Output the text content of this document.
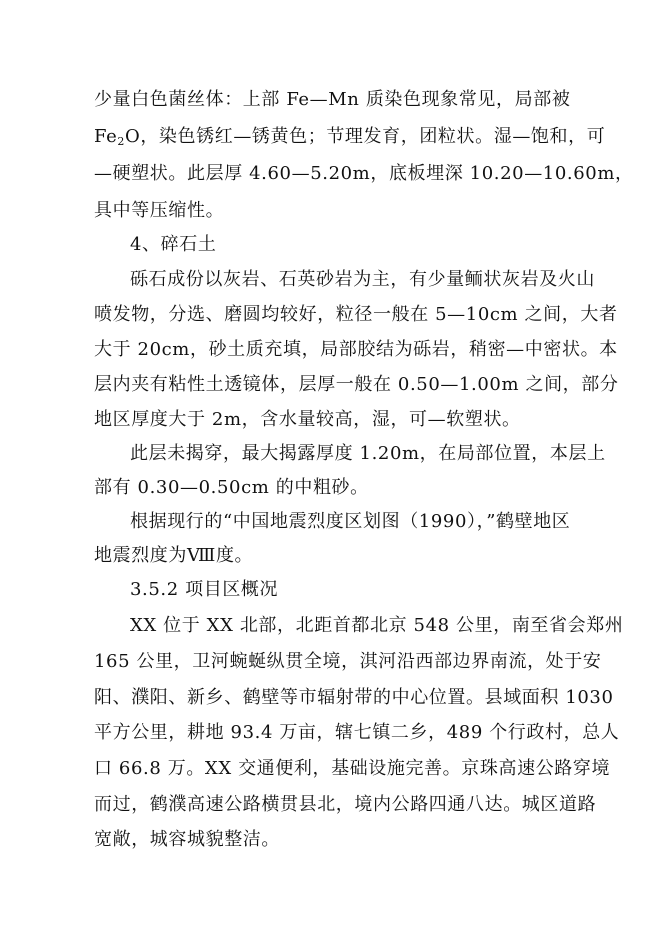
少量白色菌丝体：上部 Fe—Mn 质染色现象常见，局部被
$Fe_2O$，染色锈红—锈黄色；节理发育，团粒状。湿—饱和，可
—硬塑状。此层厚 4.60—5.20m，底板埋深 10.20—10.60m，
具中等压缩性。
4、碎石土
砾石成份以灰岩、石英砂岩为主，有少量鲕状灰岩及火山
喷发物，分选、磨圆均较好，粒径一般在 5—10cm 之间，大者
大于 20cm，砂土质充填，局部胶结为砾岩，稍密—中密状。本
层内夹有粘性土透镜体，层厚一般在 0.50—1.00m 之间，部分
地区厚度大于 2m，含水量较高，湿，可—软塑状。
此层未揭穿，最大揭露厚度 1.20m，在局部位置，本层上
部有 0.30—0.50cm 的中粗砂。
根据现行的“中国地震烈度区划图（1990），”鹤壁地区
地震烈度为Ⅷ度。
3.5.2 项目区概况
XX 位于 XX 北部，北距首都北京 548 公里，南至省会郑州
165 公里，卫河蜿蜒纵贯全境，淇河沿西部边界南流，处于安
阳、濮阳、新乡、鹤壁等市辐射带的中心位置。县域面积 1030
平方公里，耕地 93.4 万亩，辖七镇二乡，489 个行政村，总人
口 66.8 万。XX 交通便利，基础设施完善。京珠高速公路穿境
而过，鹤濮高速公路横贯县北，境内公路四通八达。城区道路
宽敞，城容城貌整洁。
